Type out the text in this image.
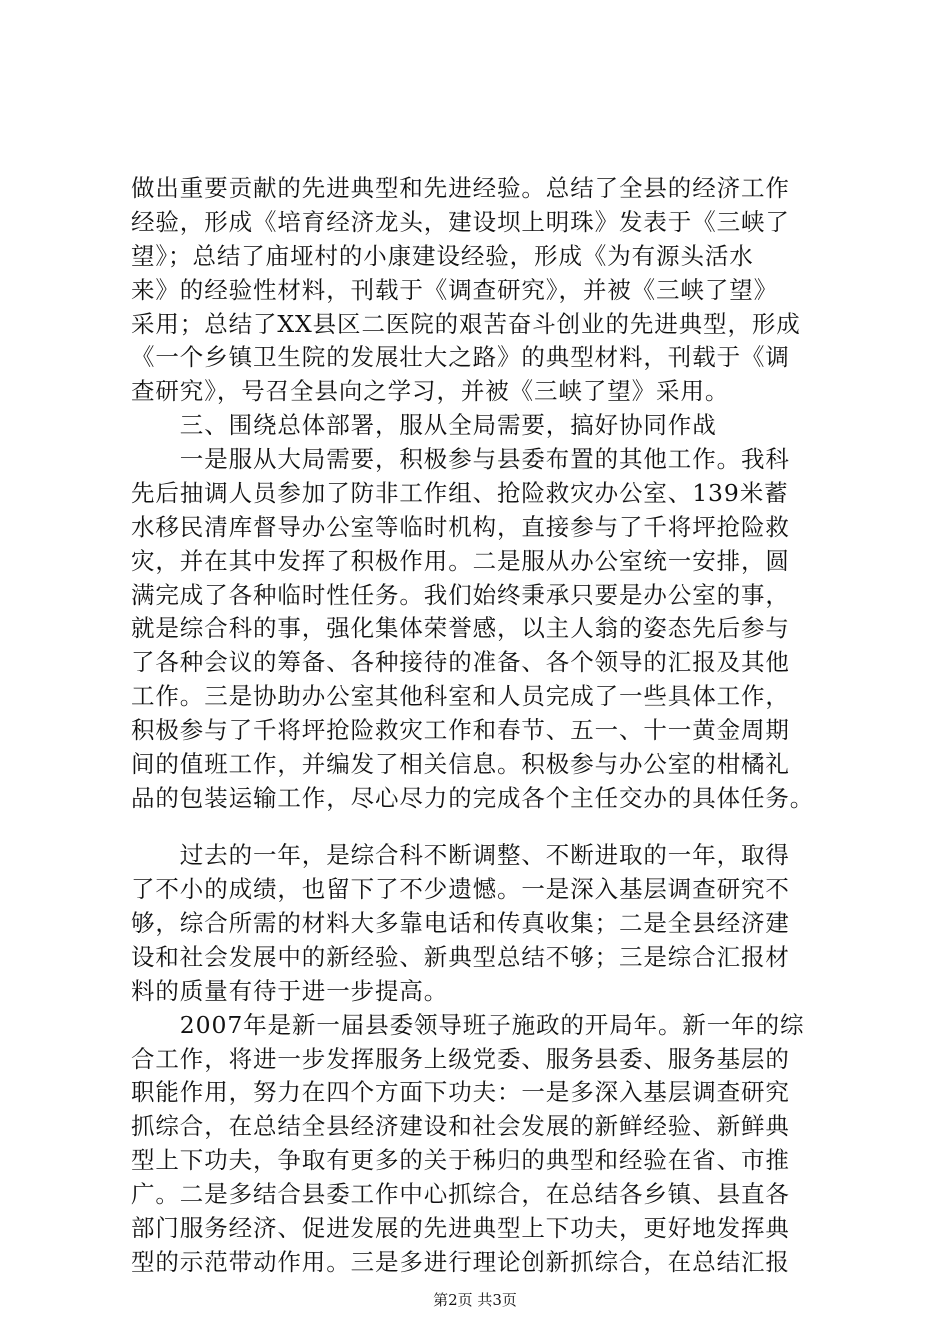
做出重要贡献的先进典型和先进经验。总结了全县的经济工作
经验，形成《培育经济龙头，建设坝上明珠》发表于《三峡了
望》；总结了庙垭村的小康建设经验，形成《为有源头活水
来》的经验性材料，刊载于《调查研究》，并被《三峡了望》
采用；总结了XX县区二医院的艰苦奋斗创业的先进典型，形成
《一个乡镇卫生院的发展壮大之路》的典型材料，刊载于《调
查研究》，号召全县向之学习，并被《三峡了望》采用。
　　三、围绕总体部署，服从全局需要，搞好协同作战
　　一是服从大局需要，积极参与县委布置的其他工作。我科
先后抽调人员参加了防非工作组、抢险救灾办公室、139米蓄
水移民清库督导办公室等临时机构，直接参与了千将坪抢险救
灾，并在其中发挥了积极作用。二是服从办公室统一安排，圆
满完成了各种临时性任务。我们始终秉承只要是办公室的事，
就是综合科的事，强化集体荣誉感，以主人翁的姿态先后参与
了各种会议的筹备、各种接待的准备、各个领导的汇报及其他
工作。三是协助办公室其他科室和人员完成了一些具体工作，
积极参与了千将坪抢险救灾工作和春节、五一、十一黄金周期
间的值班工作，并编发了相关信息。积极参与办公室的柑橘礼
品的包装运输工作，尽心尽力的完成各个主任交办的具体任务。
　　过去的一年，是综合科不断调整、不断进取的一年，取得
了不小的成绩，也留下了不少遗憾。一是深入基层调查研究不
够，综合所需的材料大多靠电话和传真收集；二是全县经济建
设和社会发展中的新经验、新典型总结不够；三是综合汇报材
料的质量有待于进一步提高。
　　2007年是新一届县委领导班子施政的开局年。新一年的综
合工作，将进一步发挥服务上级党委、服务县委、服务基层的
职能作用，努力在四个方面下功夫：一是多深入基层调查研究
抓综合，在总结全县经济建设和社会发展的新鲜经验、新鲜典
型上下功夫，争取有更多的关于秭归的典型和经验在省、市推
广。二是多结合县委工作中心抓综合，在总结各乡镇、县直各
部门服务经济、促进发展的先进典型上下功夫，更好地发挥典
型的示范带动作用。三是多进行理论创新抓综合，在总结汇报
第2页 共3页
